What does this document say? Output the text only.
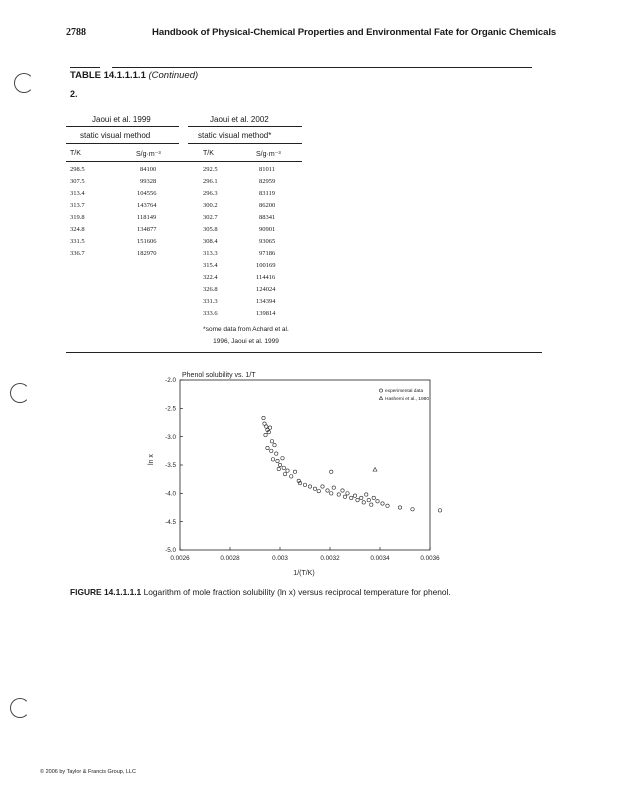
2788	Handbook of Physical-Chemical Properties and Environmental Fate for Organic Chemicals
TABLE 14.1.1.1.1 (Continued)
2.
Jaoui et al. 1999
static visual method
T/K	S/g·m⁻³
Jaoui et al. 2002
static visual method*
T/K	S/g·m⁻³
298.5	84100
307.5	99328
313.4	104556
313.7	143764
319.8	118149
324.8	134877
331.5	151606
336.7	182970
292.5	81011
296.1	82959
296.3	83119
300.2	86200
302.7	88341
305.8	90901
308.4	93065
313.3	97186
315.4	100169
322.4	114416
326.8	124024
331.3	134394
333.6	139814
*some data from Achard et al.
1996, Jaoui et al. 1999
Phenol solubility vs. 1/T
experimental data
Hashemi et al., 1980
ln x
1/(T/K)
0.0026	0.0028	0.003	0.0032	0.0034	0.0036
-2.0
-2.5
-3.0
-3.5
-4.0
-4.5
-5.0
FIGURE 14.1.1.1.1 Logarithm of mole fraction solubility (ln x) versus reciprocal temperature for phenol.
© 2006 by Taylor & Francis Group, LLC
